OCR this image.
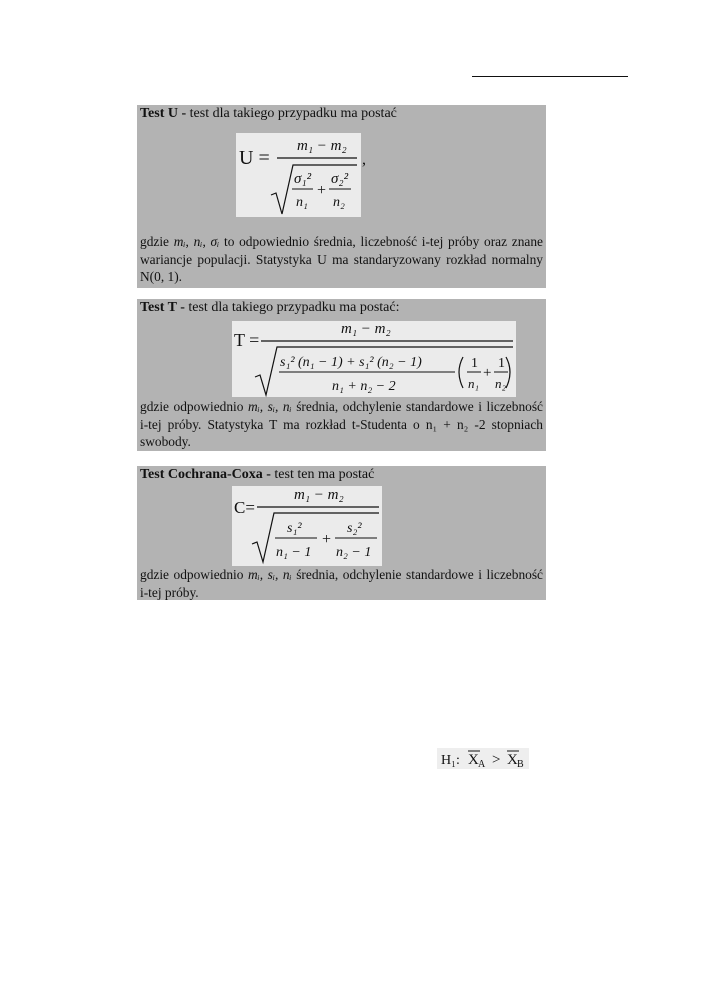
Test U - test dla takiego przypadku ma postać
U =
m₁ − m₂
σ₁²
n₁
+
σ₂²
n₂
,
gdzie mᵢ, nᵢ, σᵢ to odpowiednio średnia, liczebność i-tej próby oraz znane wariancje populacji. Statystyka U ma standaryzowany rozkład normalny N(0, 1).
Test T - test dla takiego przypadku ma postać:
T =
m₁ − m₂
s₁² (n₁ − 1) + s₁² (n₂ − 1)
n₁ + n₂ − 2
1
n₁
+
1
n₂
gdzie odpowiednio mᵢ, sᵢ, nᵢ średnia, odchylenie standardowe i liczebność i-tej próby. Statystyka T ma rozkład t-Studenta o n₁ + n₂ -2 stopniach swobody.
Test Cochrana-Coxa - test ten ma postać
C=
m₁ − m₂
s₁²
n₁ − 1
+
s₂²
n₂ − 1
gdzie odpowiednio mᵢ, sᵢ, nᵢ średnia, odchylenie standardowe i liczebność i-tej próby.
H₁: X A > X B
